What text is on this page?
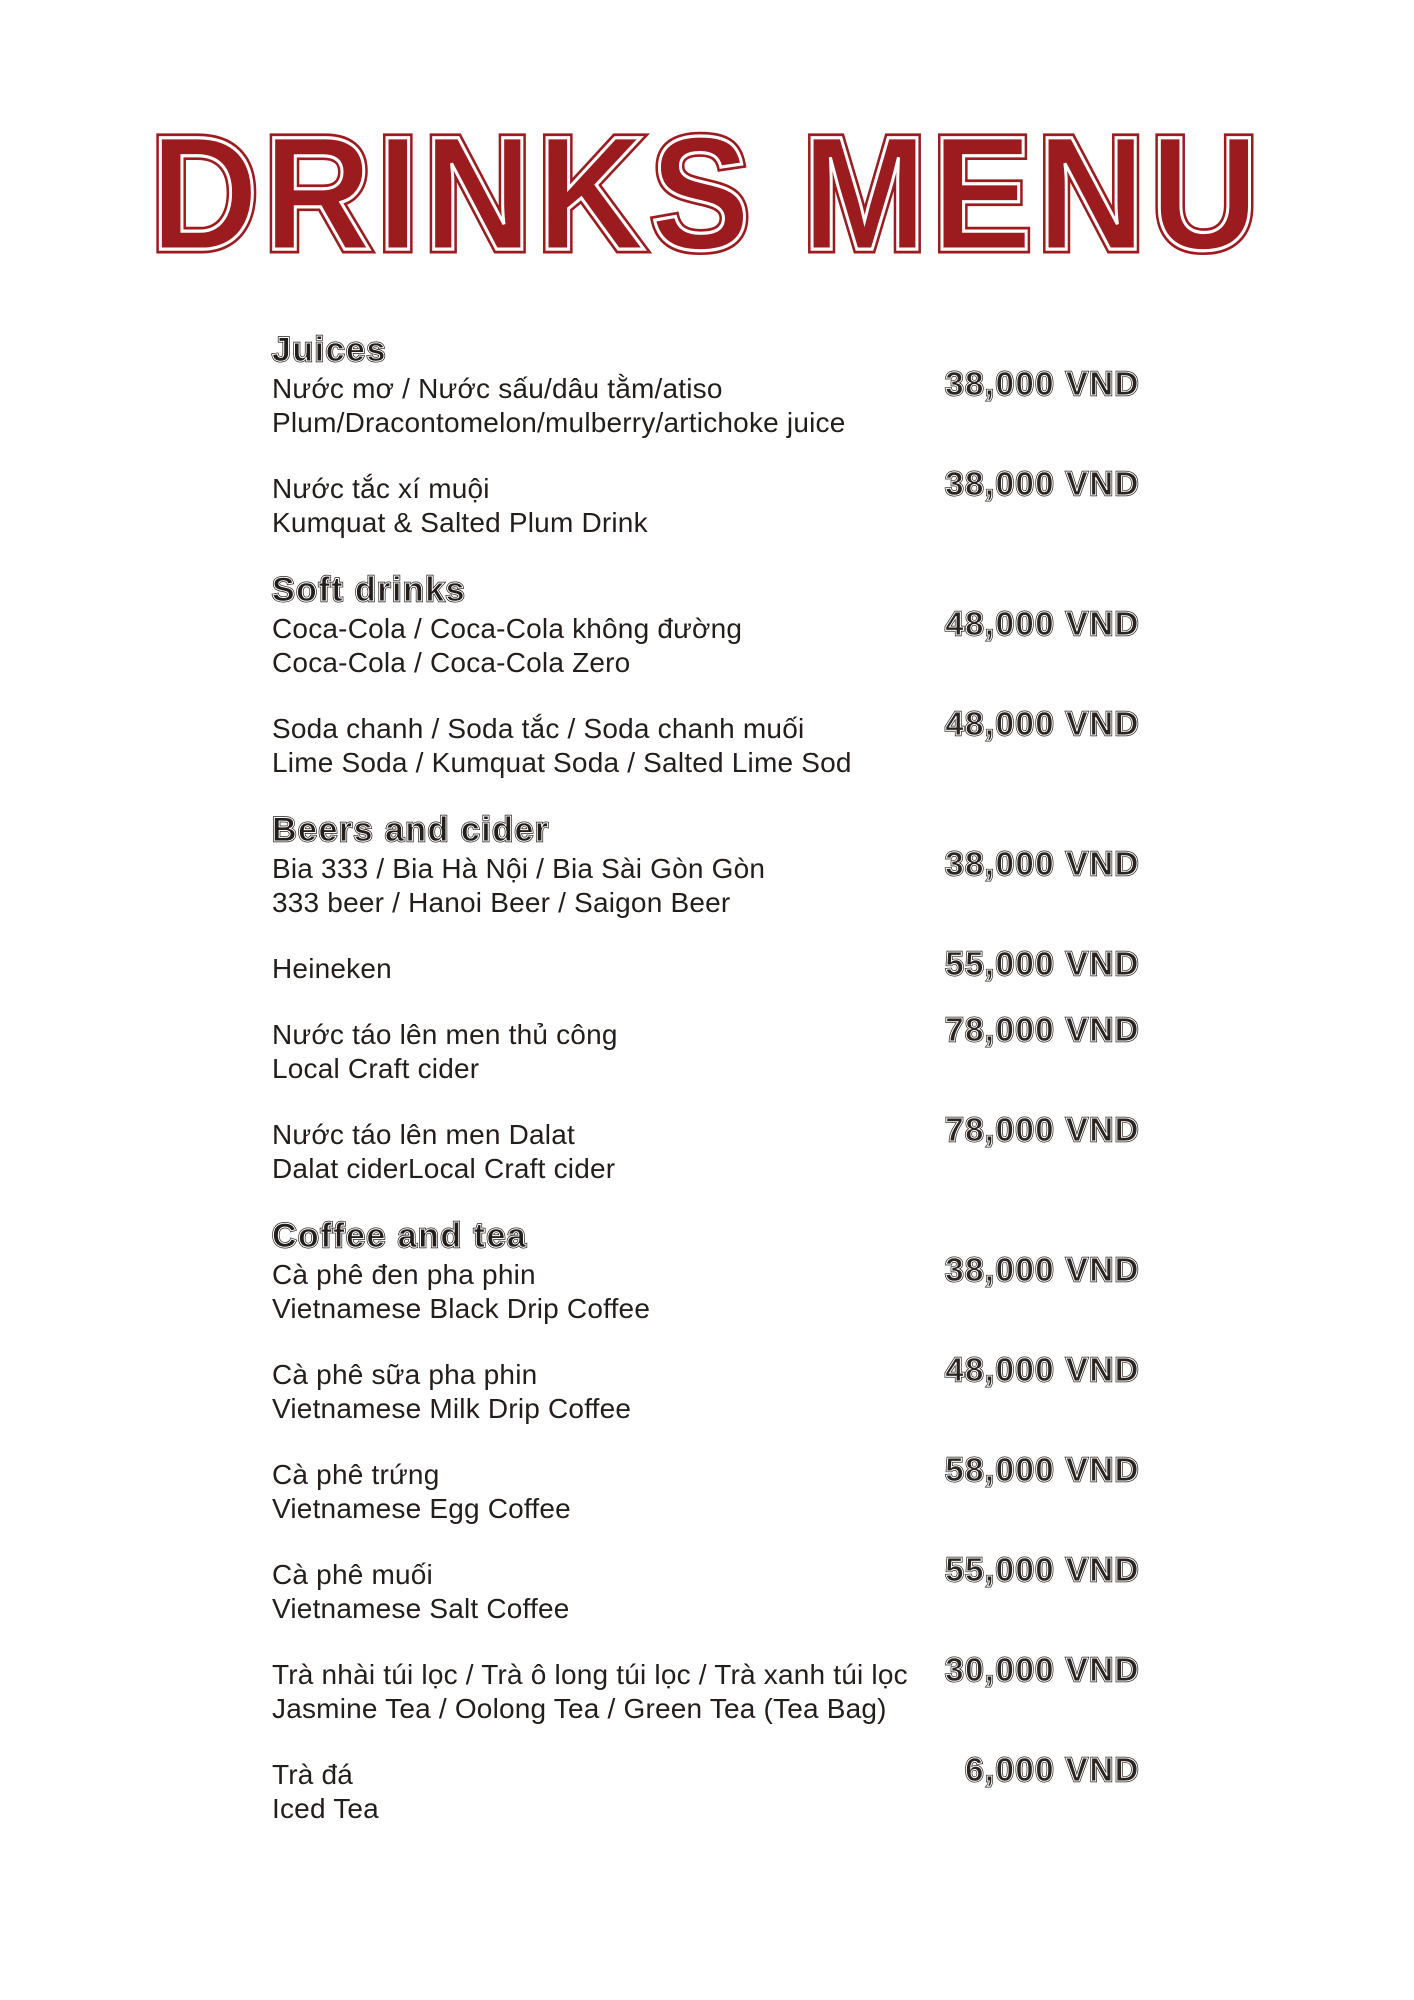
DRINKS MENU DRINKS MENU
Juices Juices
Nước mơ / Nước sấu/dâu tằm/atiso
Plum/Dracontomelon/mulberry/artichoke juice
38,000 VND 38,000 VND
Nước tắc xí muội
Kumquat & Salted Plum Drink
38,000 VND 38,000 VND
Soft drinks Soft drinks
Coca-Cola / Coca-Cola không đường
Coca-Cola / Coca-Cola Zero
48,000 VND 48,000 VND
Soda chanh / Soda tắc / Soda chanh muối
Lime Soda / Kumquat Soda / Salted Lime Sod
48,000 VND 48,000 VND
Beers and cider Beers and cider
Bia 333 / Bia Hà Nội / Bia Sài Gòn Gòn
333 beer / Hanoi Beer / Saigon Beer
38,000 VND 38,000 VND
Heineken	55,000 VND 55,000 VND
Nước táo lên men thủ công
Local Craft cider
78,000 VND 78,000 VND
Nước táo lên men Dalat
Dalat ciderLocal Craft cider
78,000 VND 78,000 VND
Coffee and tea Coffee and tea
Cà phê đen pha phin
Vietnamese Black Drip Coffee
38,000 VND 38,000 VND
Cà phê sữa pha phin
Vietnamese Milk Drip Coffee
48,000 VND 48,000 VND
Cà phê trứng
Vietnamese Egg Coffee
58,000 VND 58,000 VND
Cà phê muối
Vietnamese Salt Coffee
55,000 VND 55,000 VND
Trà nhài túi lọc / Trà ô long túi lọc / Trà xanh túi lọc
Jasmine Tea / Oolong Tea / Green Tea (Tea Bag)
30,000 VND 30,000 VND
Trà đá
Iced Tea
6,000 VND 6,000 VND
